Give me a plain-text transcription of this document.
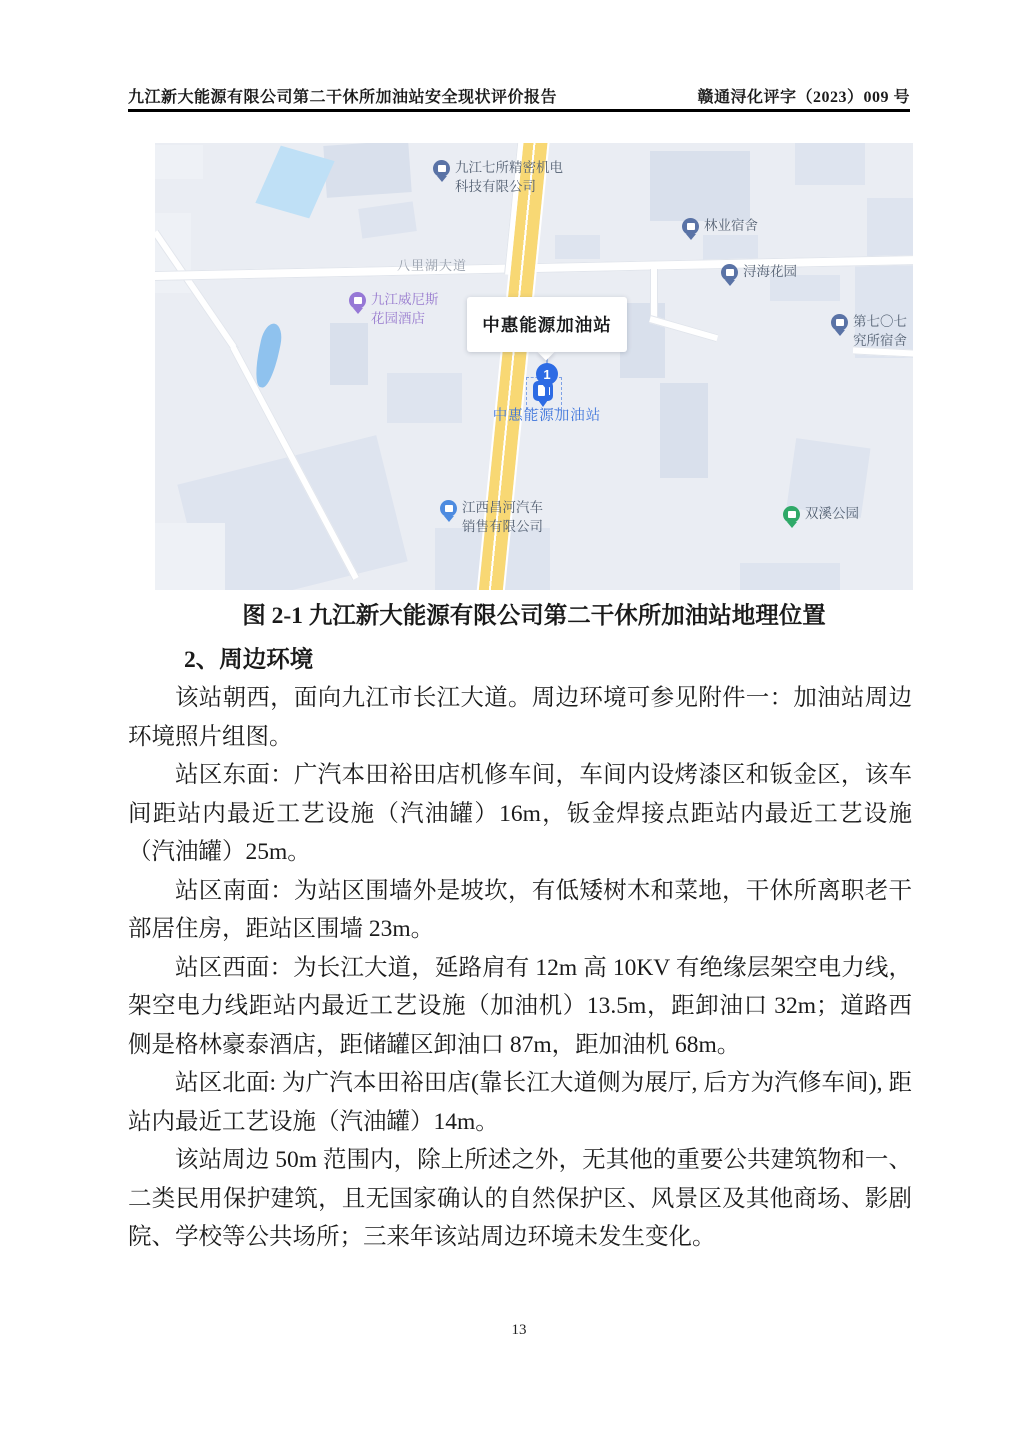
九江新大能源有限公司第二干休所加油站安全现状评价报告	赣通浔化评字（2023）009 号
八里湖大道
九江七所精密机电
科技有限公司
林业宿舍
浔海花园
九江威尼斯
花园酒店	第七〇七
究所宿舍
江西昌河汽车
销售有限公司
双溪公园
中惠能源加油站
1
中惠能源加油站
图 2-1 九江新大能源有限公司第二干休所加油站地理位置
2、周边环境

该站朝西，面向九江市长江大道。周边环境可参见附件一：加油站周边环境照片组图。

站区东面：广汽本田裕田店机修车间，车间内设烤漆区和钣金区，该车间距站内最近工艺设施（汽油罐）16m，钣金焊接点距站内最近工艺设施（汽油罐）25m。

站区南面：为站区围墙外是坡坎，有低矮树木和菜地，干休所离职老干部居住房，距站区围墙 23m。

站区西面：为长江大道，延路肩有 12m 高 10KV 有绝缘层架空电力线，架空电力线距站内最近工艺设施（加油机）13.5m，距卸油口 32m；道路西侧是格林豪泰酒店，距储罐区卸油口 87m，距加油机 68m。

站区北面: 为广汽本田裕田店(靠长江大道侧为展厅, 后方为汽修车间), 距站内最近工艺设施（汽油罐）14m。

该站周边 50m 范围内，除上所述之外，无其他的重要公共建筑物和一、二类民用保护建筑，且无国家确认的自然保护区、风景区及其他商场、影剧院、学校等公共场所；三来年该站周边环境未发生变化。

13
